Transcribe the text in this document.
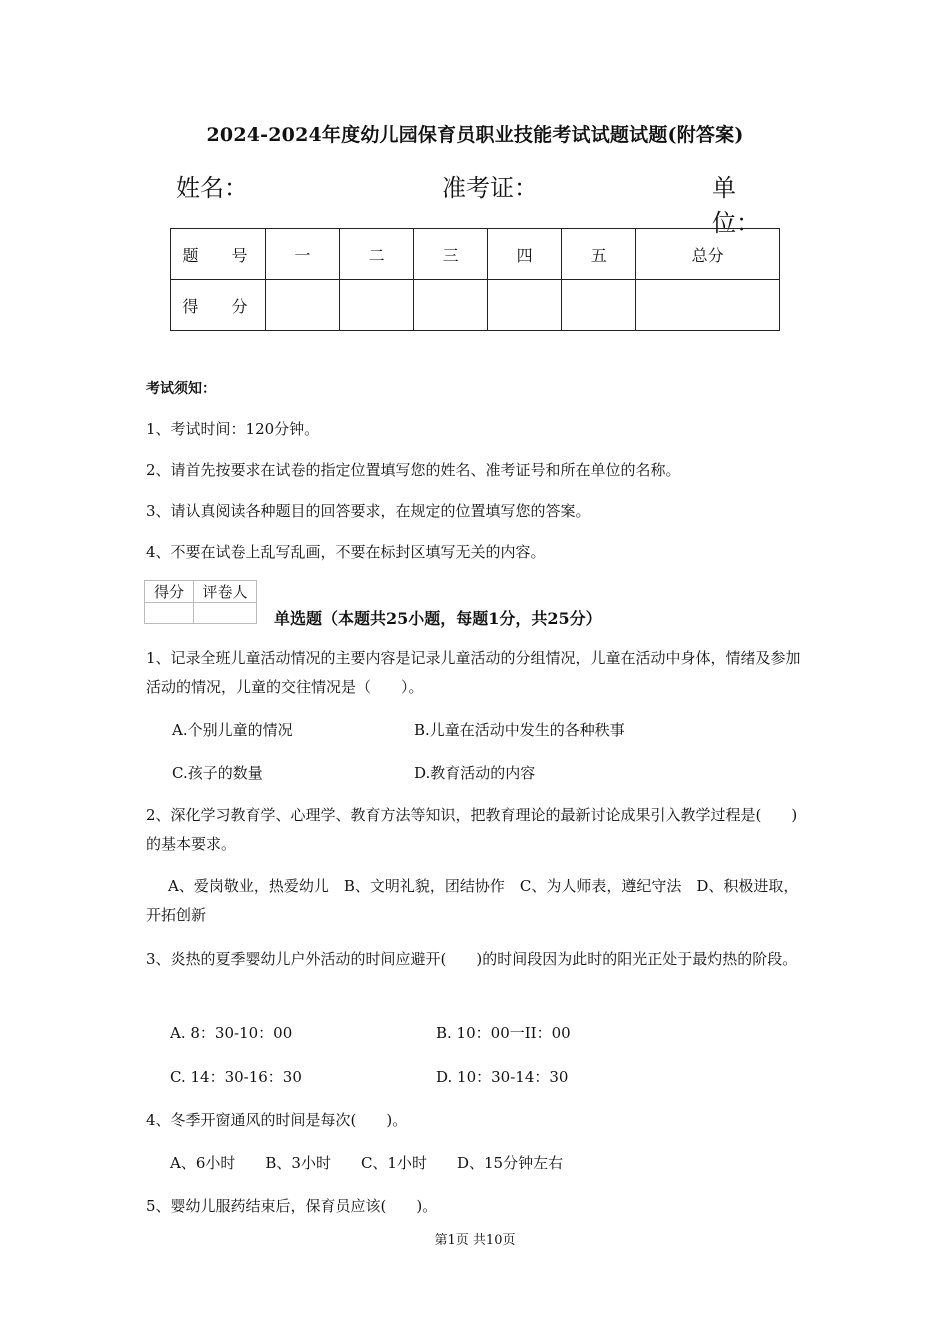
2024-2024年度幼儿园保育员职业技能考试试题试题(附答案)
姓名：	准考证：	单位：
题 号	一	二	三	四	五	总分
得 分						
考试须知：
1、考试时间：120分钟。
2、请首先按要求在试卷的指定位置填写您的姓名、准考证号和所在单位的名称。
3、请认真阅读各种题目的回答要求，在规定的位置填写您的答案。
4、不要在试卷上乱写乱画，不要在标封区填写无关的内容。
得分	评卷人

单选题（本题共25小题，每题1分，共25分）
1、记录全班儿童活动情况的主要内容是记录儿童活动的分组情况，儿童在活动中身体，情绪及参加活动的情况，儿童的交往情况是（　　）。
A.个别儿童的情况	B.儿童在活动中发生的各种秩事
C.孩子的数量	D.教育活动的内容
2、深化学习教育学、心理学、教育方法等知识，把教育理论的最新讨论成果引入教学过程是(　　)的基本要求。
A、爱岗敬业，热爱幼儿　B、文明礼貌，团结协作　C、为人师表，遵纪守法　D、积极进取，开拓创新
3、炎热的夏季婴幼儿户外活动的时间应避开(　　)的时间段因为此时的阳光正处于最灼热的阶段。
A. 8：30-10：00	B. 10：00一II：00
C. 14：30-16：30	D. 10：30-14：30
4、冬季开窗通风的时间是每次(　　)。
A、6小时　　B、3小时　　C、1小时　　D、15分钟左右
5、婴幼儿服药结束后，保育员应该(　　)。
第1页 共10页
